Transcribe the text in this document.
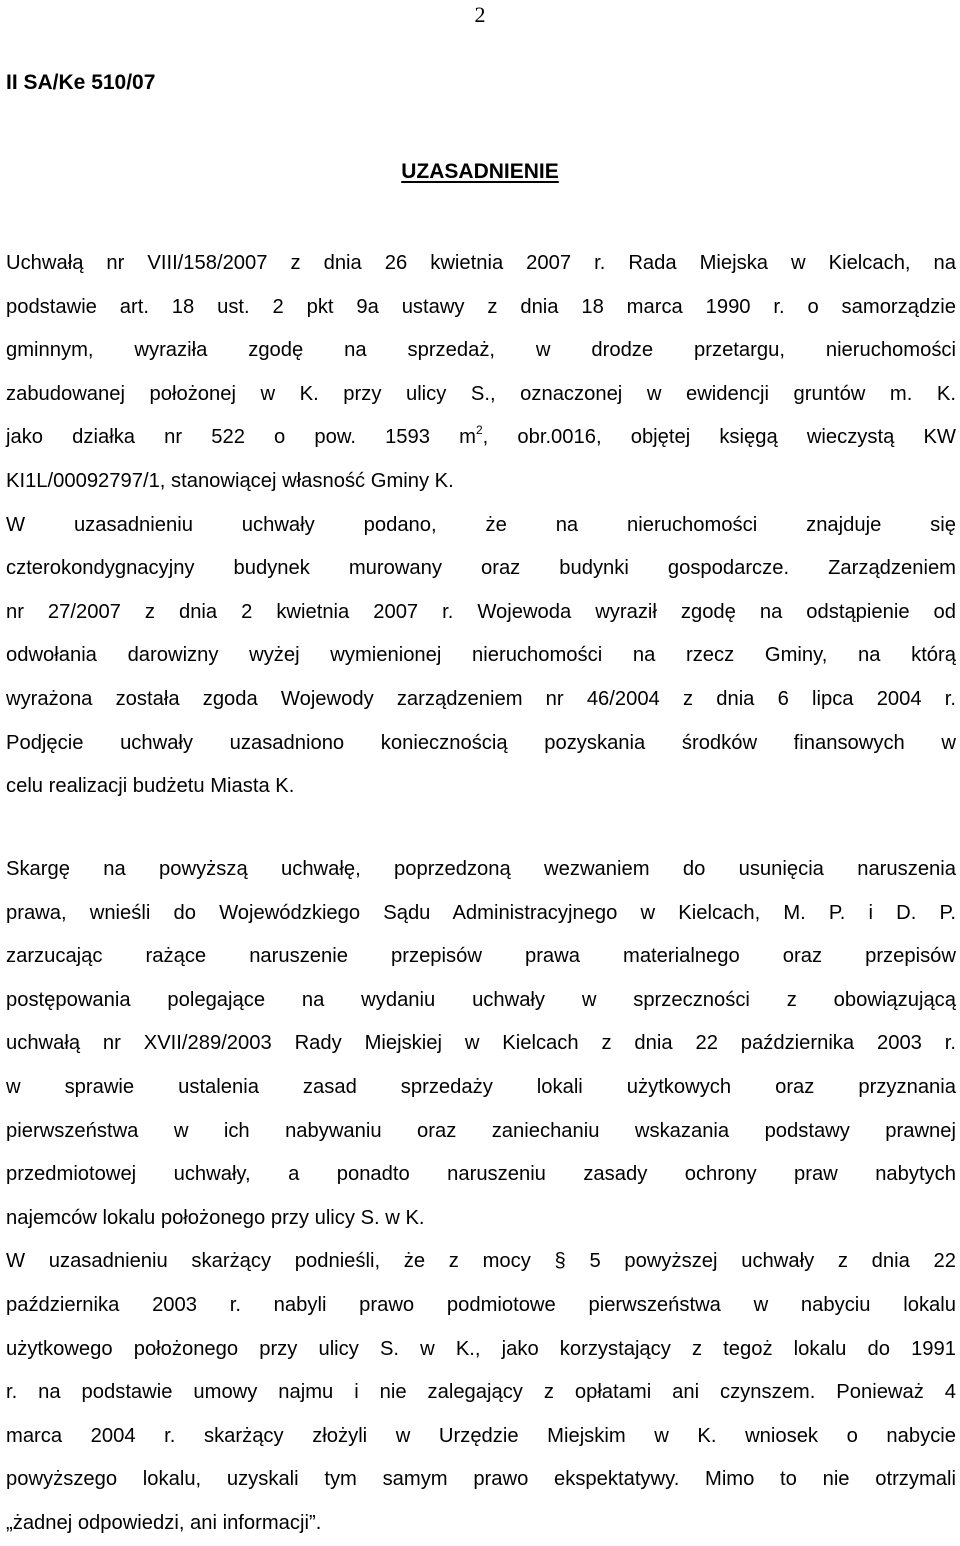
2
II SA/Ke 510/07
UZASADNIENIE
Uchwałą nr VIII/158/2007 z dnia 26 kwietnia 2007 r. Rada Miejska w Kielcach, na
podstawie art. 18 ust. 2 pkt 9a ustawy z dnia 18 marca 1990 r. o samorządzie
gminnym, wyraziła zgodę na sprzedaż, w drodze przetargu, nieruchomości
zabudowanej położonej w K. przy ulicy S., oznaczonej w ewidencji gruntów m. K.
jako działka nr 522 o pow. 1593 $m^2$, obr.0016, objętej księgą wieczystą KW
KI1L/00092797/1, stanowiącej własność Gminy K.
W uzasadnieniu uchwały podano, że na nieruchomości znajduje się
czterokondygnacyjny budynek murowany oraz budynki gospodarcze. Zarządzeniem
nr 27/2007 z dnia 2 kwietnia 2007 r. Wojewoda wyraził zgodę na odstąpienie od
odwołania darowizny wyżej wymienionej nieruchomości na rzecz Gminy, na którą
wyrażona została zgoda Wojewody zarządzeniem nr 46/2004 z dnia 6 lipca 2004 r.
Podjęcie uchwały uzasadniono koniecznością pozyskania środków finansowych w
celu realizacji budżetu Miasta K.
Skargę na powyższą uchwałę, poprzedzoną wezwaniem do usunięcia naruszenia
prawa, wnieśli do Wojewódzkiego Sądu Administracyjnego w Kielcach, M. P. i D. P.
zarzucając rażące naruszenie przepisów prawa materialnego oraz przepisów
postępowania polegające na wydaniu uchwały w sprzeczności z obowiązującą
uchwałą nr XVII/289/2003 Rady Miejskiej w Kielcach z dnia 22 października 2003 r.
w sprawie ustalenia zasad sprzedaży lokali użytkowych oraz przyznania
pierwszeństwa w ich nabywaniu oraz zaniechaniu wskazania podstawy prawnej
przedmiotowej uchwały, a ponadto naruszeniu zasady ochrony praw nabytych
najemców lokalu położonego przy ulicy S. w K.
W uzasadnieniu skarżący podnieśli, że z mocy § 5 powyższej uchwały z dnia 22
października 2003 r. nabyli prawo podmiotowe pierwszeństwa w nabyciu lokalu
użytkowego położonego przy ulicy S. w K., jako korzystający z tegoż lokalu do 1991
r. na podstawie umowy najmu i nie zalegający z opłatami ani czynszem. Ponieważ 4
marca 2004 r. skarżący złożyli w Urzędzie Miejskim w K. wniosek o nabycie
powyższego lokalu, uzyskali tym samym prawo ekspektatywy. Mimo to nie otrzymali
„żadnej odpowiedzi, ani informacji”.
